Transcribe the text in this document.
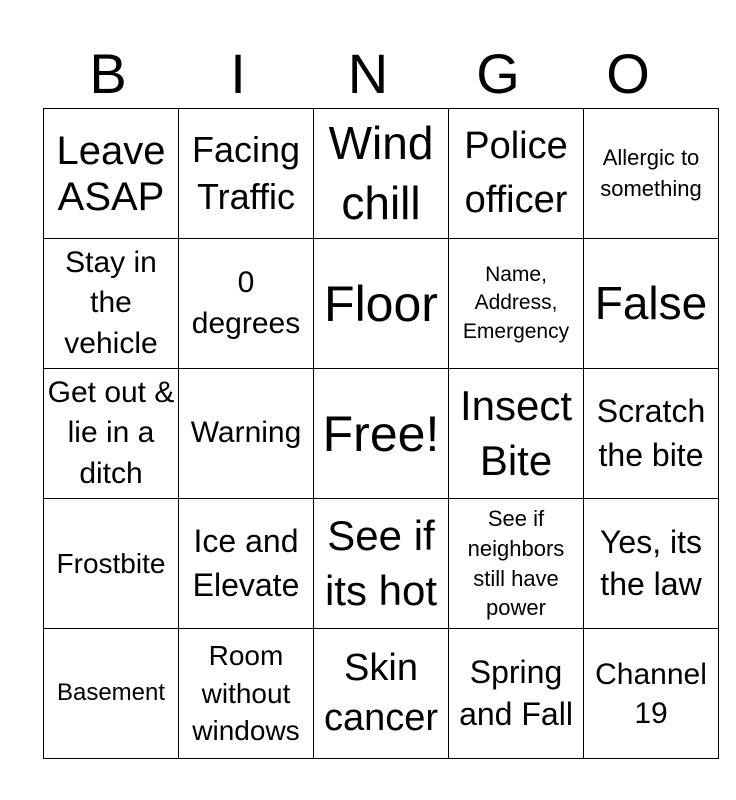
B	I	N	G	O
Leave ASAP	Facing Traffic	Wind chill	Police officer	Allergic to something

Stay in the vehicle	0 degrees	Floor	Name, Address, Emergency	False

Get out & lie in a ditch	Warning	Free!	Insect Bite	Scratch the bite

Frostbite	Ice and Elevate	See if its hot	See if neighbors still have power	Yes, its the law

Basement	Room without windows	Skin cancer	Spring and Fall	Channel 19
